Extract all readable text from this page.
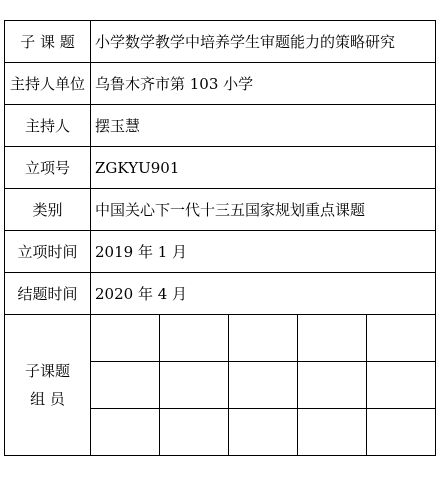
子 课 题	小学数学教学中培养学生审题能力的策略研究				
主持人单位	乌鲁木齐市第 103 小学				
主持人	摆玉慧				
立项号	ZGKYU901				
类别	中国关心下一代十三五国家规划重点课题				
立项时间	2019 年 1 月				
结题时间	2020 年 4 月				

子课题
组 员					
